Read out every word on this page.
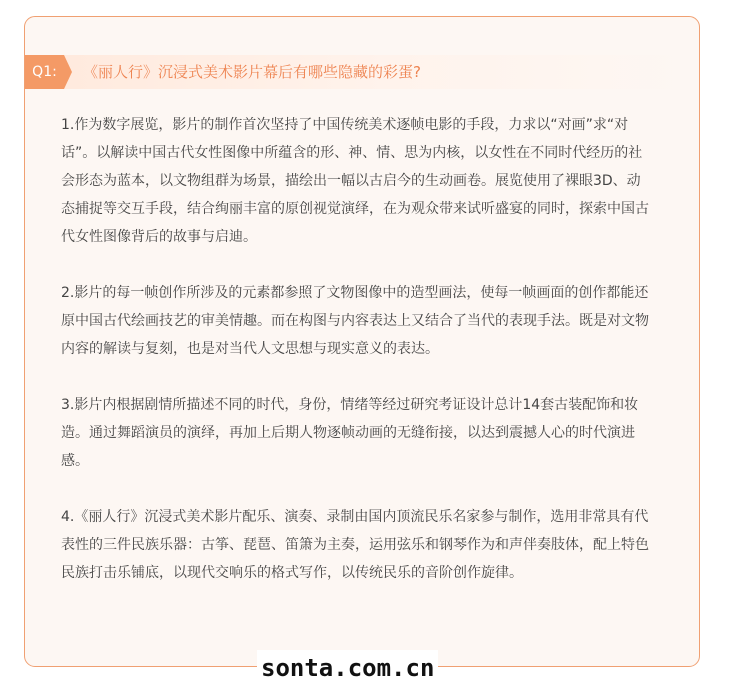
Q1:	《丽人行》沉浸式美术影片幕后有哪些隐藏的彩蛋?

1.作为数字展览，影片的制作首次坚持了中国传统美术逐帧电影的手段，力求以“对画”求“对话”。以解读中国古代女性图像中所蕴含的形、神、情、思为内核，以女性在不同时代经历的社会形态为蓝本，以文物组群为场景，描绘出一幅以古启今的生动画卷。展览使用了裸眼3D、动态捕捉等交互手段，结合绚丽丰富的原创视觉演绎，在为观众带来试听盛宴的同时，探索中国古代女性图像背后的故事与启迪。

2.影片的每一帧创作所涉及的元素都参照了文物图像中的造型画法，使每一帧画面的创作都能还原中国古代绘画技艺的审美情趣。而在构图与内容表达上又结合了当代的表现手法。既是对文物内容的解读与复刻，也是对当代人文思想与现实意义的表达。

3.影片内根据剧情所描述不同的时代，身份，情绪等经过研究考证设计总计14套古装配饰和妆造。通过舞蹈演员的演绎，再加上后期人物逐帧动画的无缝衔接，以达到震撼人心的时代演进感。

4.《丽人行》沉浸式美术影片配乐、演奏、录制由国内顶流民乐名家参与制作，选用非常具有代表性的三件民族乐器：古筝、琵琶、笛箫为主奏，运用弦乐和钢琴作为和声伴奏肢体，配上特色民族打击乐铺底，以现代交响乐的格式写作，以传统民乐的音阶创作旋律。

sonta.com.cn
